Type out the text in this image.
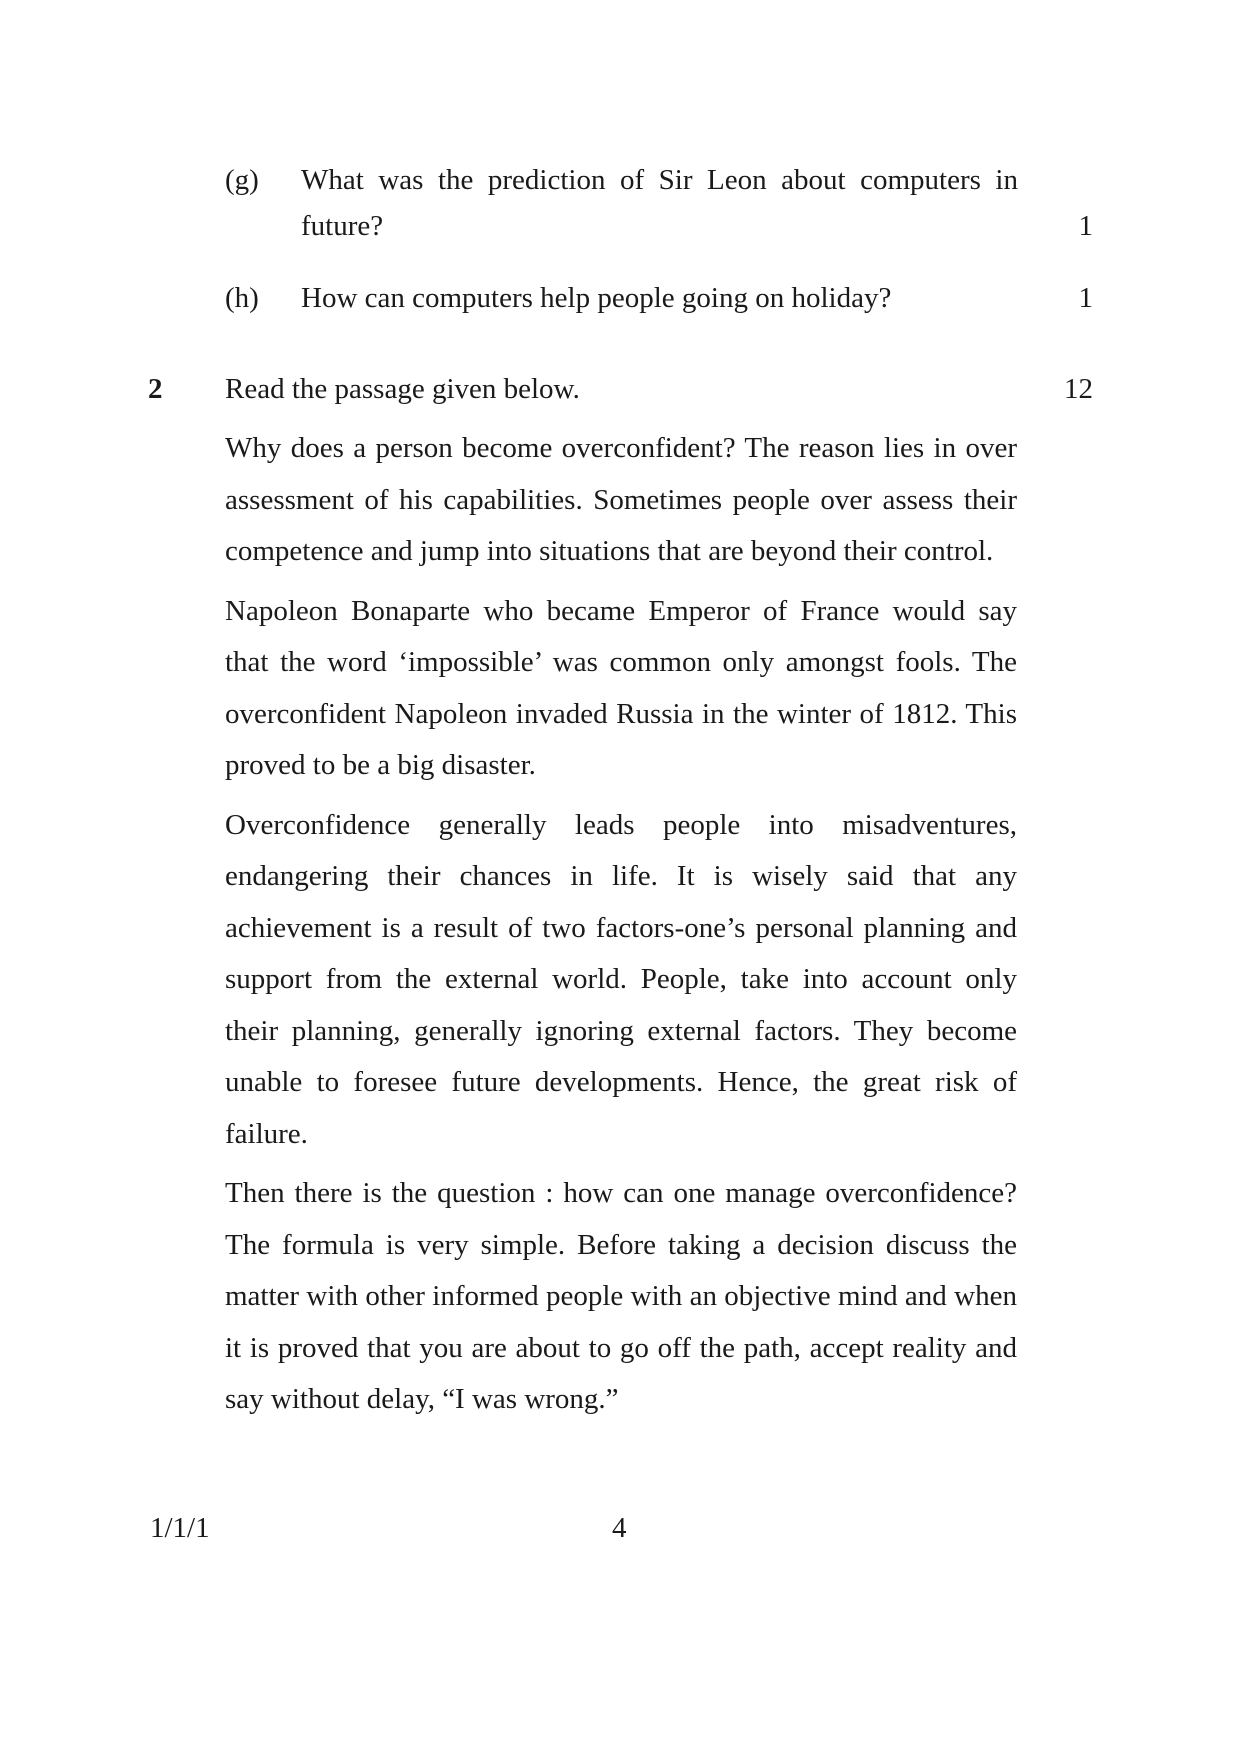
(g) What was the prediction of Sir Leon about computers in future?	1
(h) How can computers help people going on holiday?	1
2 Read the passage given below.	12

Why does a person become overconfident? The reason lies in over assessment of his capabilities. Sometimes people over assess their competence and jump into situations that are beyond their control.

Napoleon Bonaparte who became Emperor of France would say that the word ‘impossible’ was common only amongst fools. The overconfident Napoleon invaded Russia in the winter of 1812. This proved to be a big disaster.

Overconfidence generally leads people into misadventures, endangering their chances in life. It is wisely said that any achievement is a result of two factors-one’s personal planning and support from the external world. People, take into account only their planning, generally ignoring external factors. They become unable to foresee future developments. Hence, the great risk of failure.

Then there is the question : how can one manage overconfidence? The formula is very simple. Before taking a decision discuss the matter with other informed people with an objective mind and when it is proved that you are about to go off the path, accept reality and say without delay, “I was wrong.”

1/1/1	4
